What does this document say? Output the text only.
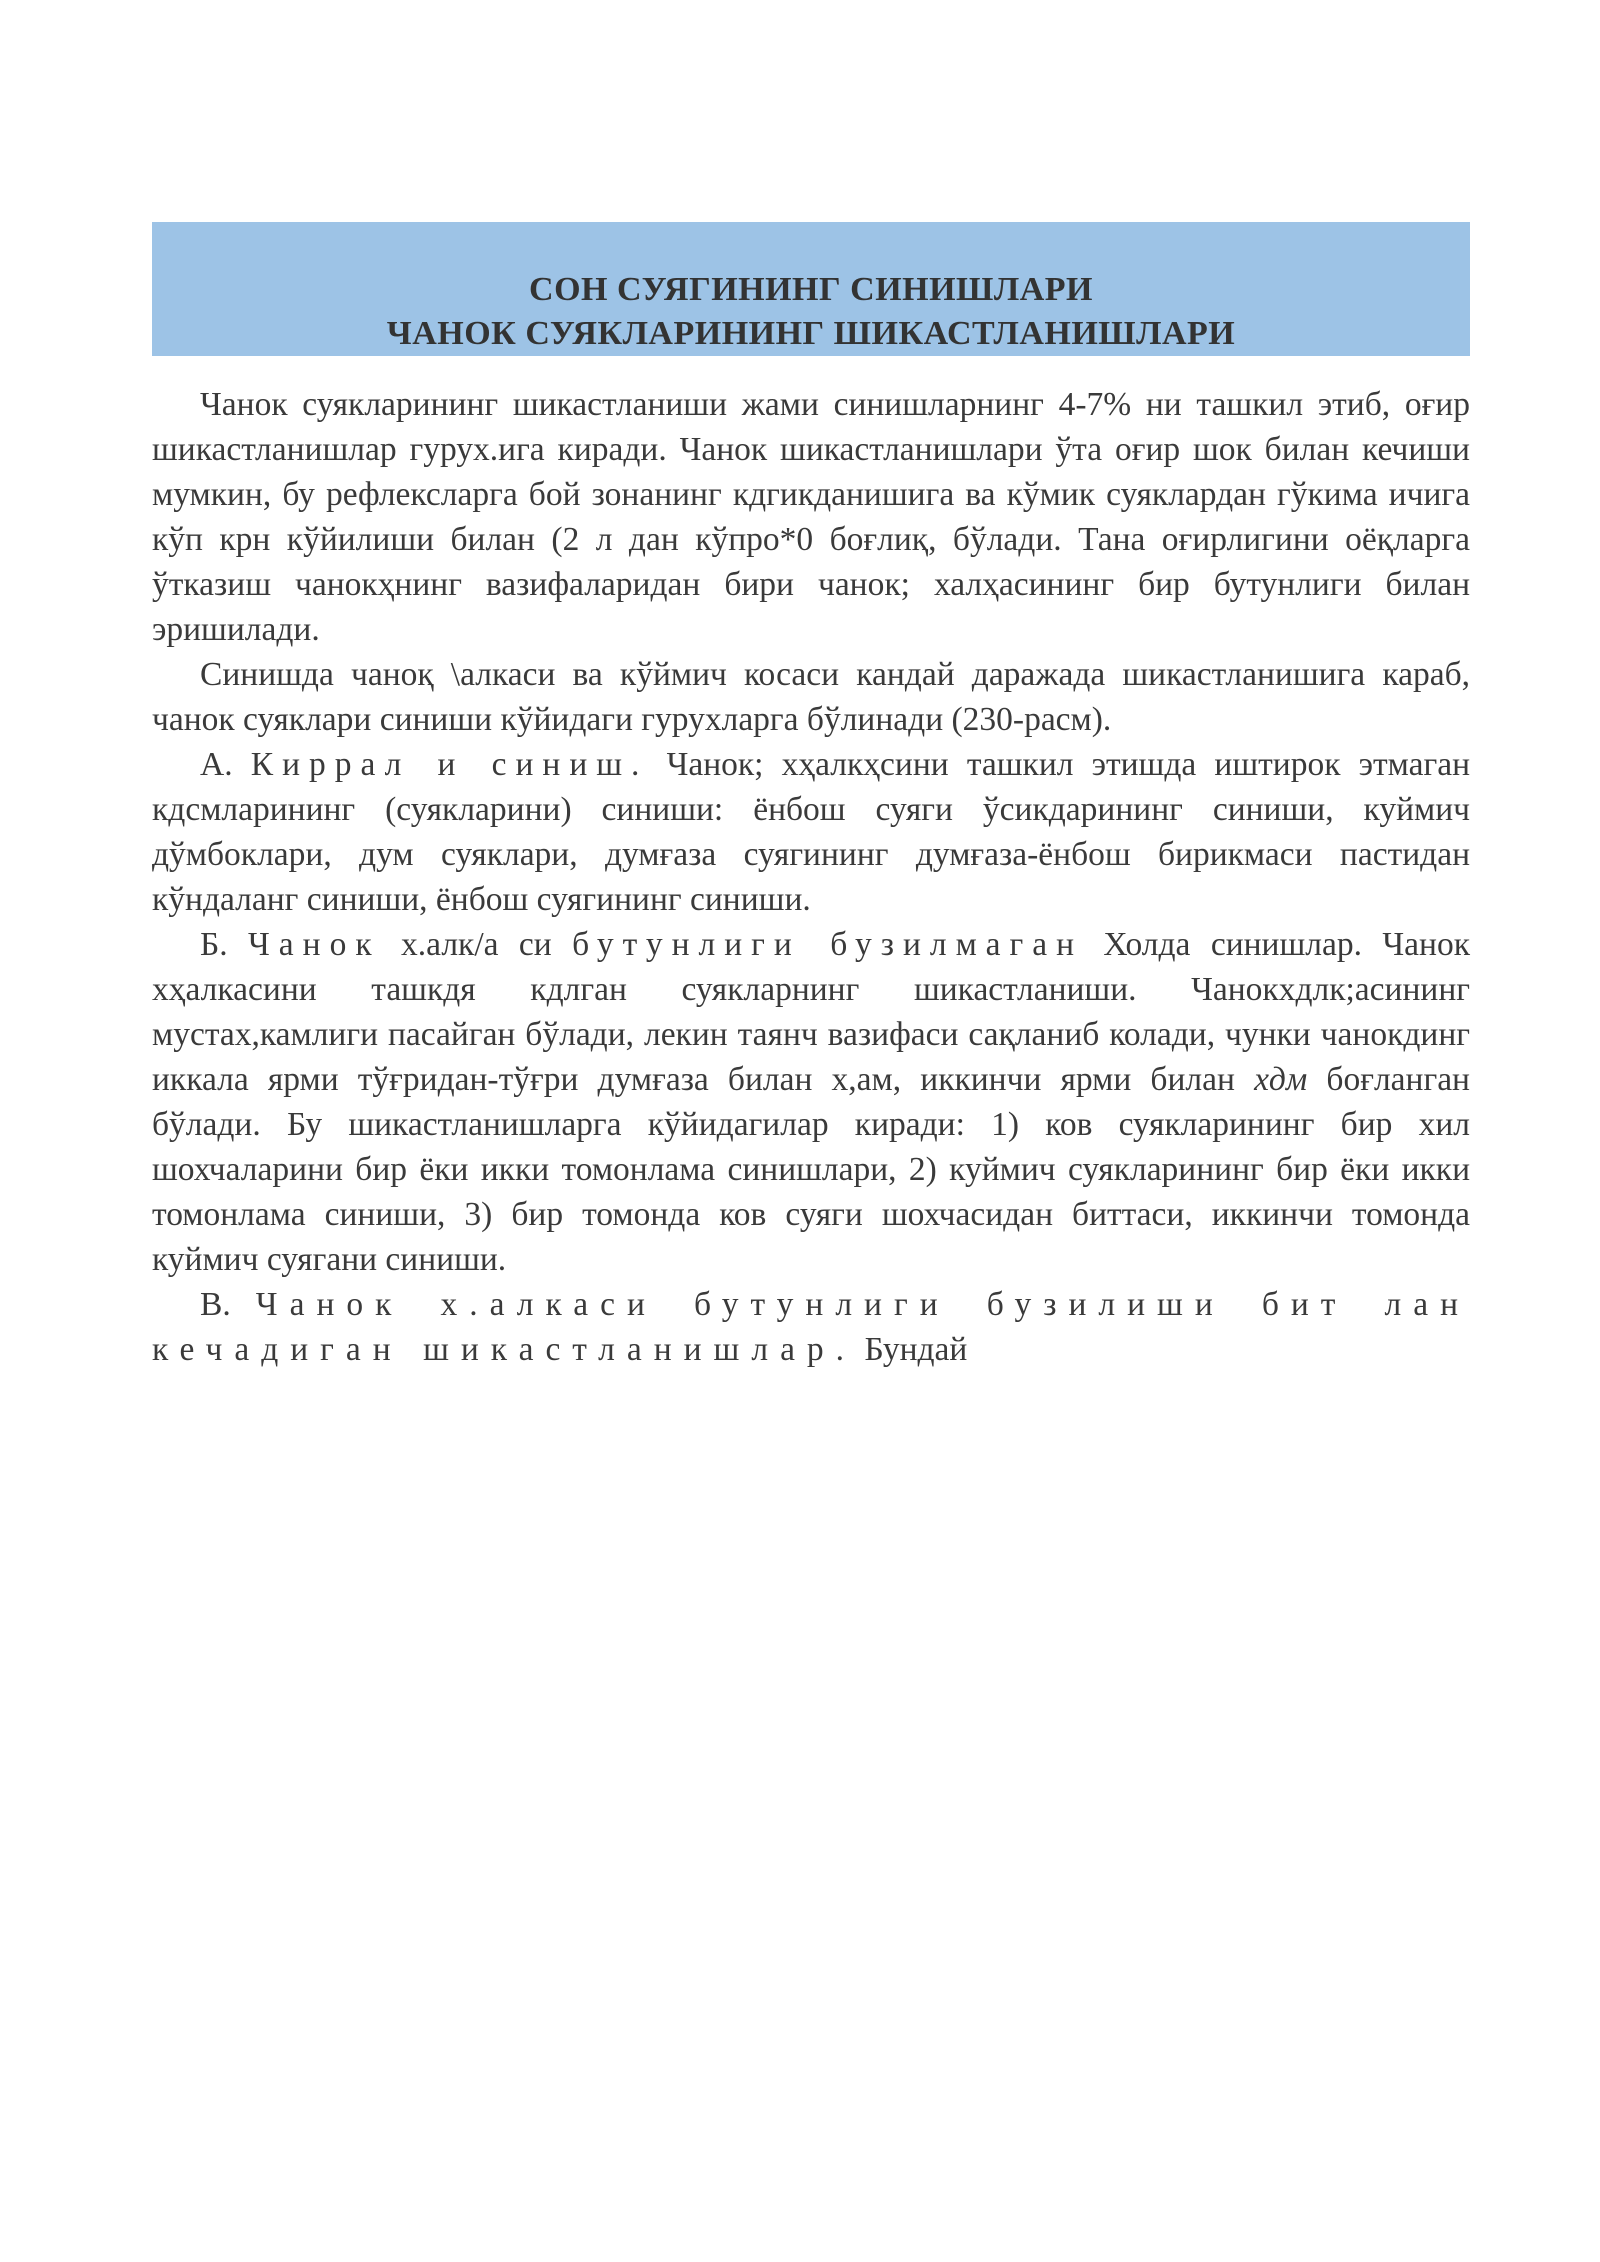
СОН СУЯГИНИНГ СИНИШЛАРИ
ЧАНОК СУЯКЛАРИНИНГ ШИКАСТЛАНИШЛАРИ

Чанок суякларининг шикастланиши жами синишларнинг 4-7% ни ташкил этиб, оғир шикастланишлар гурух.ига киради. Чанок шикастланишлари ўта оғир шок билан кечиши мумкин, бу рефлексларга бой зонанинг кдгикданишига ва кўмик суяклардан гўкима ичига кўп крн кўйилиши билан (2 л дан кўпро*0 боғлиқ, бўлади. Тана оғирлигини оёқларга ўтказиш чанокҳнинг вазифаларидан бири чанок; халҳасининг бир бутунлиги билан эришилади.

Синишда чаноқ \алкаси ва кўймич косаси кандай даражада шикастланишига караб, чанок суяклари синиши кўйидаги гурухларга бўлинади (230-расм).

А. Киррал и синиш. Чанок; хҳалкҳсини ташкил этишда иштирок этмаган кдсмларининг (суякларини) синиши: ёнбош суяги ўсикдарининг синиши, куймич дўмбоклари, дум суяклари, думғаза суягининг думғаза-ёнбош бирикмаси пастидан кўндаланг синиши, ёнбош суягининг синиши.

Б. Чанок х.алк/а си бутунлиги бузилмаган Холда синишлар. Чанок хҳалкасини ташкдя кдлган суякларнинг шикастланиши. Чанокхдлк;асининг мустах,камлиги пасайган бўлади, лекин таянч вазифаси сақланиб колади, чунки чанокдинг иккала ярми тўғридан-тўғри думғаза билан х,ам, иккинчи ярми билан хдм боғланган бўлади. Бу шикастланишларга кўйидагилар киради: 1) ков суякларининг бир хил шохчаларини бир ёки икки томонлама синишлари, 2) куймич суякларининг бир ёки икки томонлама синиши, 3) бир томонда ков суяги шохчасидан биттаси, иккинчи томонда куймич суягани синиши.

В. Чанок х.алкаси бутунлиги бузилиши бит лан
кечадиган шикастланишлар. Бундай
